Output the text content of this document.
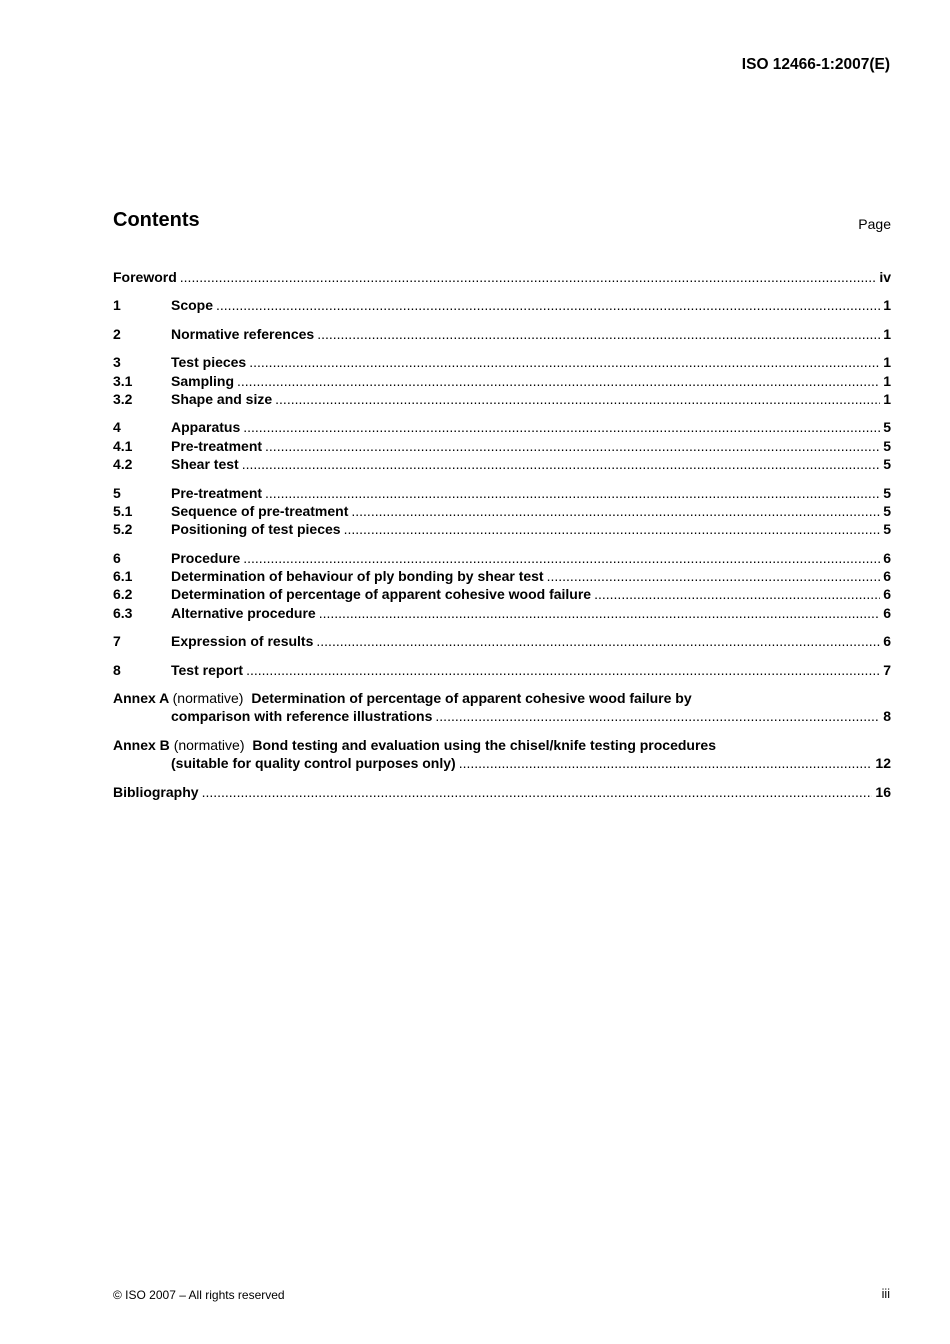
ISO 12466-1:2007(E)
Contents	Page
Foreword .....	iv
1	Scope .....	1
2	Normative references .....	1
3	Test pieces .....	1
3.1	Sampling .....	1
3.2	Shape and size .....	1
4	Apparatus .....	5
4.1	Pre-treatment .....	5
4.2	Shear test .....	5
5	Pre-treatment .....	5
5.1	Sequence of pre-treatment .....	5
5.2	Positioning of test pieces .....	5
6	Procedure .....	6
6.1	Determination of behaviour of ply bonding by shear test .....	6
6.2	Determination of percentage of apparent cohesive wood failure .....	6
6.3	Alternative procedure .....	6
7	Expression of results .....	6
8	Test report .....	7
Annex A (normative) Determination of percentage of apparent cohesive wood failure by
comparison with reference illustrations .....	8
Annex B (normative) Bond testing and evaluation using the chisel/knife testing procedures
(suitable for quality control purposes only) .....	12
Bibliography .....	16
© ISO 2007 – All rights reserved	iii
